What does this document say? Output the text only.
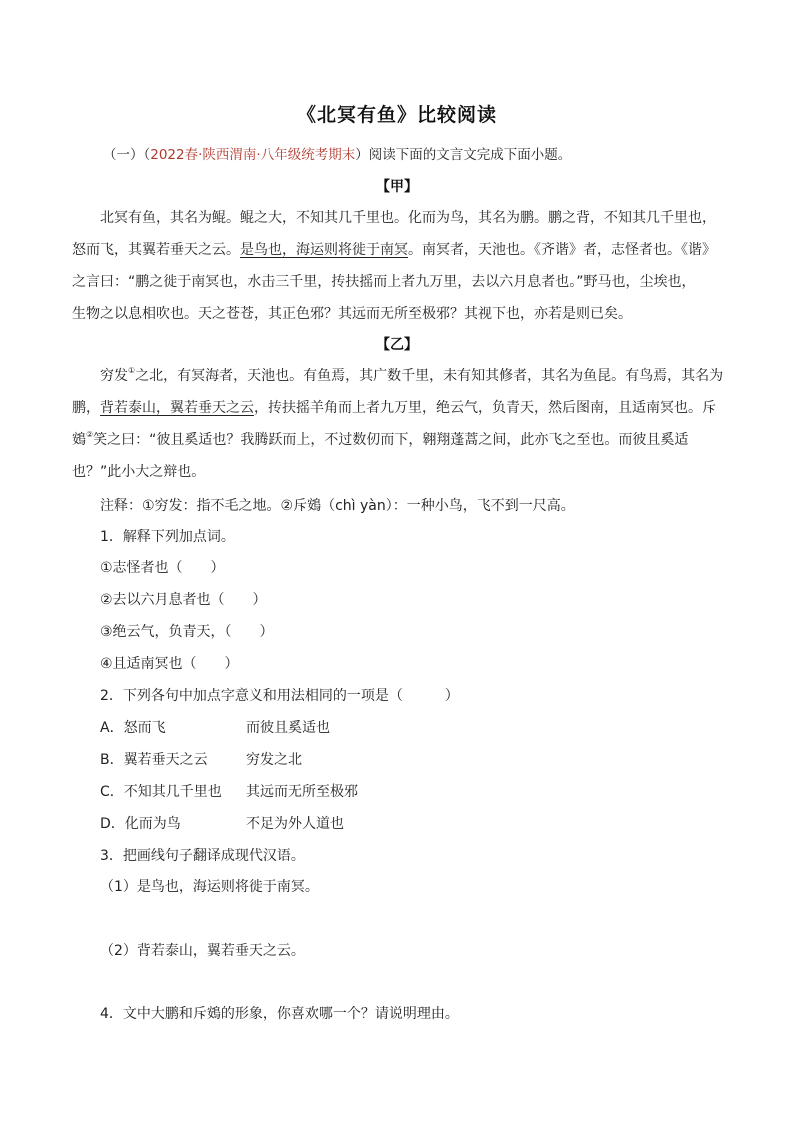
《北冥有鱼》比较阅读
（一）（2022春·陕西渭南·八年级统考期末）阅读下面的文言文完成下面小题。
【甲】
北冥有鱼，其名为鲲。鲲之大，不知其几千里也。化而为鸟，其名为鹏。鹏之背，不知其几千里也，
怒而飞，其翼若垂天之云。是鸟也，海运则将徙于南冥。南冥者，天池也。《齐谐》者，志怪者也。《谐》
之言曰：“鹏之徙于南冥也，水击三千里，抟扶摇而上者九万里，去以六月息者也。”野马也，尘埃也，
生物之以息相吹也。天之苍苍，其正色邪？其远而无所至极邪？其视下也，亦若是则已矣。
【乙】
穷发①之北，有冥海者，天池也。有鱼焉，其广数千里，未有知其修者，其名为鱼昆。有鸟焉，其名为
鹏，背若泰山，翼若垂天之云，抟扶摇羊角而上者九万里，绝云气，负青天，然后图南，且适南冥也。斥
鴳②笑之曰：“彼且奚适也？我腾跃而上，不过数仞而下，翱翔蓬蒿之间，此亦飞之至也。而彼且奚适
也？”此小大之辩也。
注释：①穷发：指不毛之地。②斥鴳（chì yàn）：一种小鸟，飞不到一尺高。
1．解释下列加点词。
①志怪者也（　　）
②去以六月息者也（　　）
③绝云气，负青天，（　　）
④且适南冥也（　　）
2．下列各句中加点字意义和用法相同的一项是（　　　）
A．怒而飞	而彼且奚适也
B．翼若垂天之云	穷发之北
C．不知其几千里也 其远而无所至极邪
D．化而为鸟	不足为外人道也
3．把画线句子翻译成现代汉语。
（1）是鸟也，海运则将徙于南冥。
（2）背若泰山，翼若垂天之云。
4．文中大鹏和斥鴳的形象，你喜欢哪一个？请说明理由。
